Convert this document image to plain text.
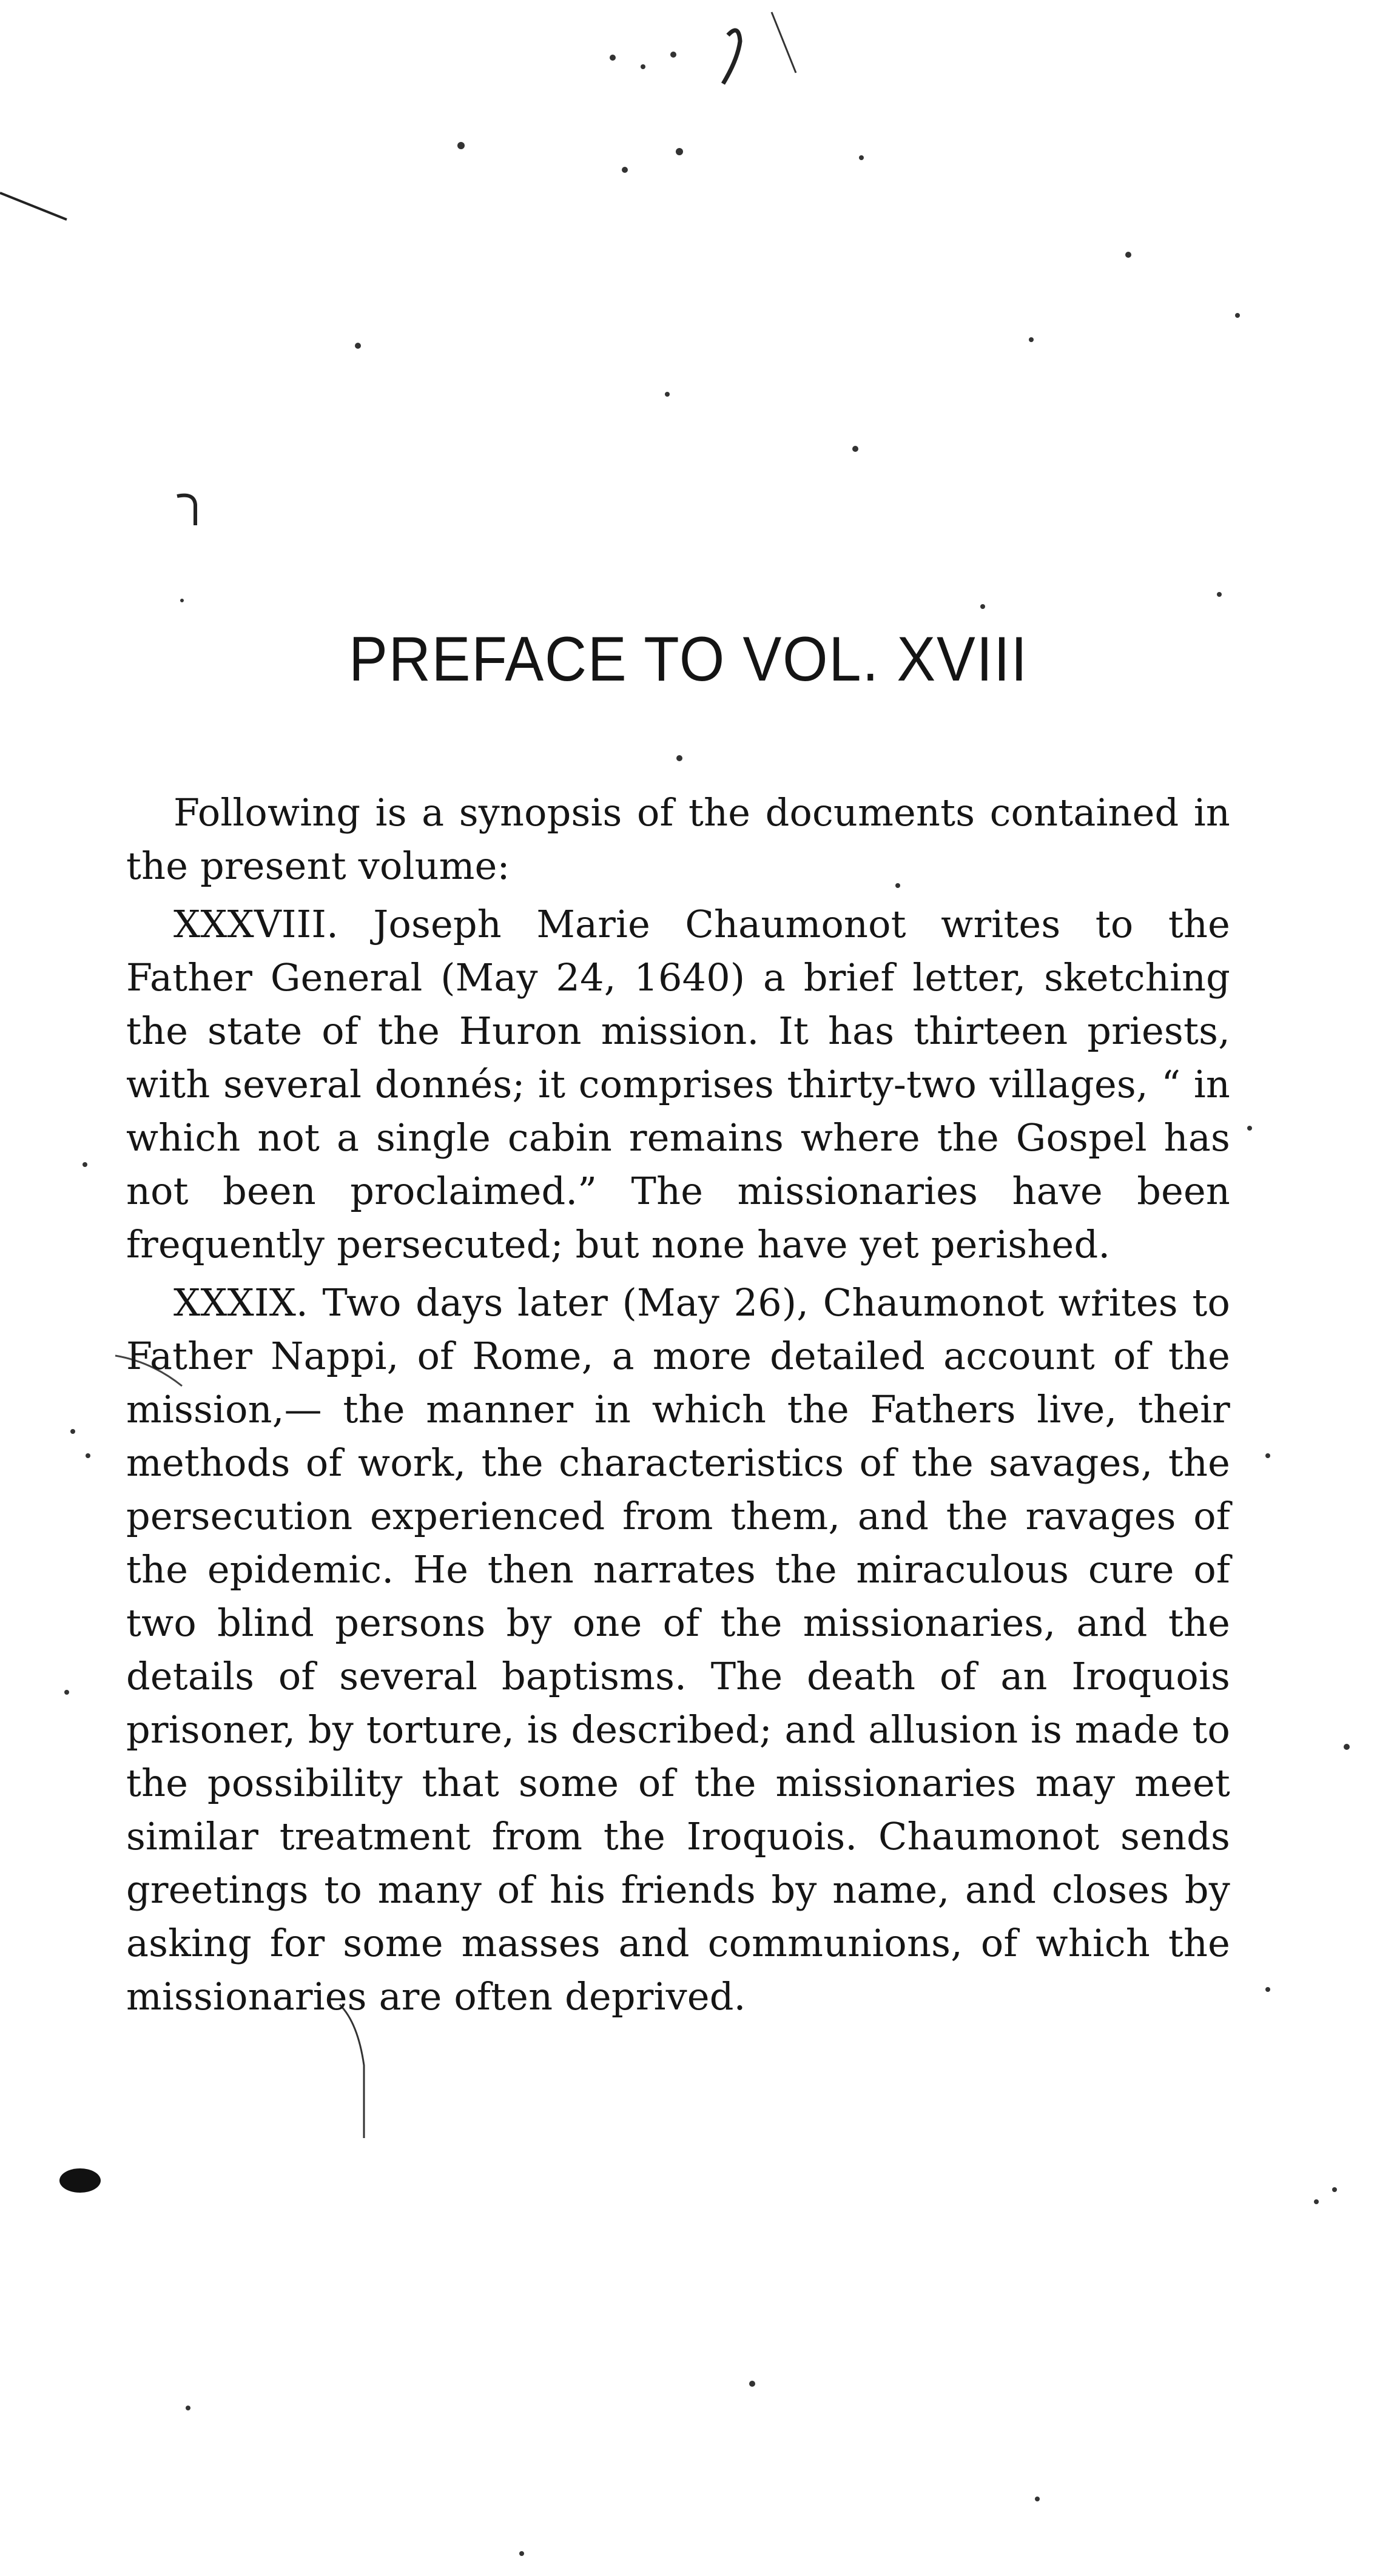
PREFACE TO VOL. XVIII

Following is a synopsis of the documents contained in the present volume:

XXXVIII. Joseph Marie Chaumonot writes to the Father General (May 24, 1640) a brief letter, sketching the state of the Huron mission. It has thirteen priests, with several donnés; it comprises thirty-two villages, “ in which not a single cabin remains where the Gospel has not been proclaimed.” The missionaries have been frequently persecuted; but none have yet perished.

XXXIX. Two days later (May 26), Chaumonot writes to Father Nappi, of Rome, a more detailed account of the mission,— the manner in which the Fathers live, their methods of work, the characteristics of the savages, the persecution experienced from them, and the ravages of the epidemic. He then narrates the miraculous cure of two blind persons by one of the missionaries, and the details of several baptisms. The death of an Iroquois prisoner, by torture, is described; and allusion is made to the possibility that some of the missionaries may meet similar treatment from the Iroquois. Chaumonot sends greetings to many of his friends by name, and closes by asking for some masses and communions, of which the missionaries are often deprived.
